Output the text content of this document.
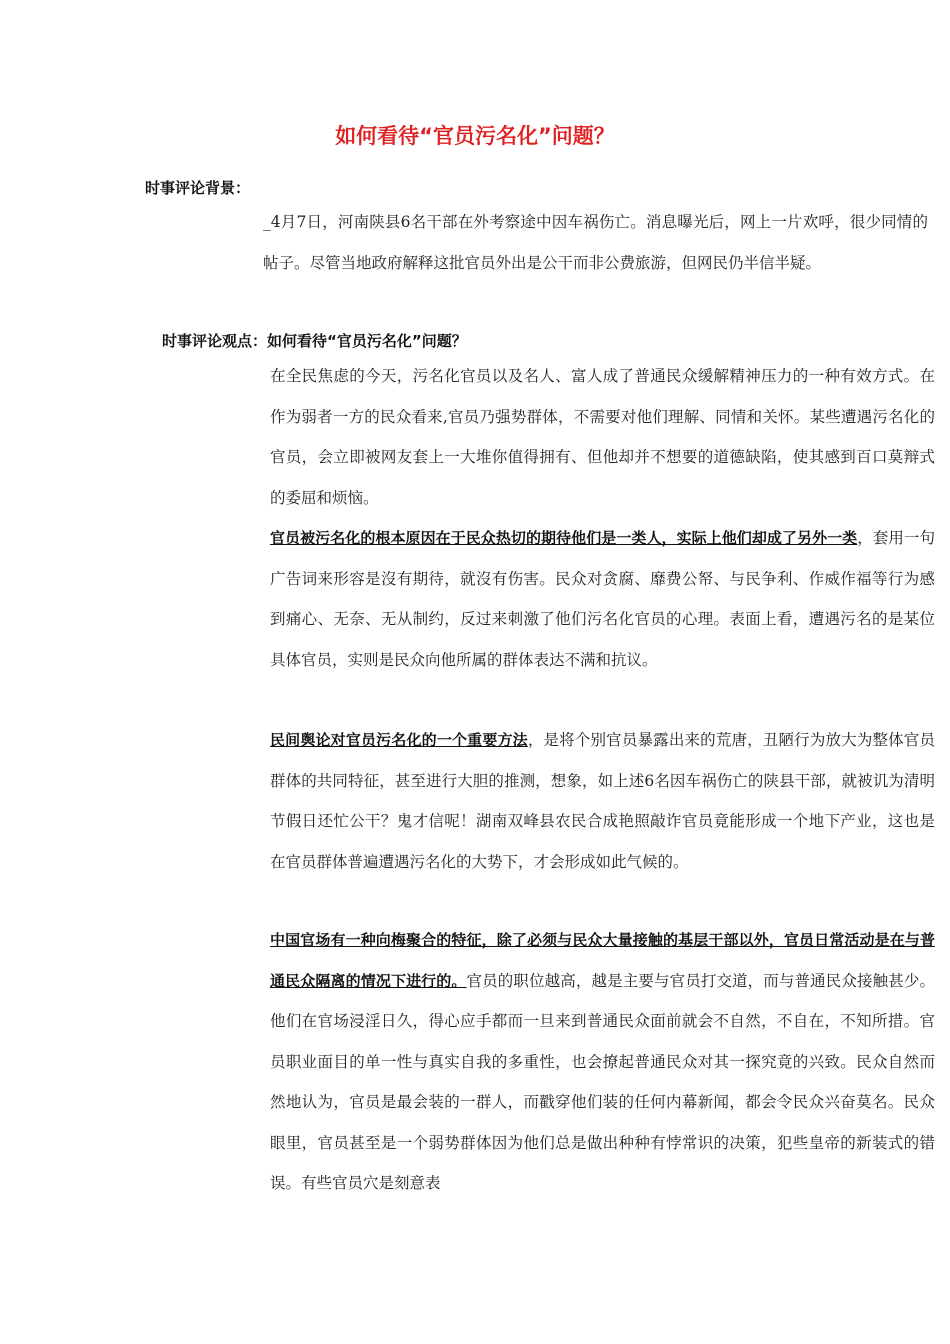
如何看待“官员污名化”问题？
时事评论背景：

_4月7日，河南陕县6名干部在外考察途中因车祸伤亡。消息曝光后，网上一片欢呼，很少同情的帖子。尽管当地政府解释这批官员外出是公干而非公费旅游，但网民仍半信半疑。

时事评论观点：如何看待“官员污名化”问题？

在全民焦虑的今天，污名化官员以及名人、富人成了普通民众缓解精神压力的一种有效方式。在作为弱者一方的民众看来,官员乃强势群体，不需要对他们理解、同情和关怀。某些遭遇污名化的官员，会立即被网友套上一大堆你值得拥有、但他却并不想要的道德缺陷，使其感到百口莫辩式的委屈和烦恼。

官员被污名化的根本原因在于民众热切的期待他们是一类人，实际上他们却成了另外一类，套用一句广告词来形容是沒有期待，就沒有伤害。民众对贪腐、靡费公帑、与民争利、作威作福等行为感到痛心、无奈、无从制约，反过来刺激了他们污名化官员的心理。表面上看，遭遇污名的是某位具体官员，实则是民众向他所属的群体表达不满和抗议。

民间舆论对官员污名化的一个重要方法，是将个别官员暴露出来的荒唐，丑陋行为放大为整体官员群体的共同特征，甚至进行大胆的推测，想象，如上述6名因车祸伤亡的陕县干部，就被讥为清明节假日还忙公干？鬼才信呢！湖南双峰县农民合成艳照敲诈官员竟能形成一个地下产业，这也是在官员群体普遍遭遇污名化的大势下，才会形成如此气候的。

中国官场有一种向梅聚合的特征，除了必须与民众大量接触的基层干部以外，官员日常活动是在与普通民众隔离的情况下进行的。官员的职位越高，越是主要与官员打交道，而与普通民众接触甚少。他们在官场浸淫日久，得心应手都而一旦来到普通民众面前就会不自然，不自在，不知所措。官员职业面目的单一性与真实自我的多重性，也会撩起普通民众对其一探究竟的兴致。民众自然而然地认为，官员是最会装的一群人，而戳穿他们装的任何内幕新闻，都会令民众兴奋莫名。民众眼里，官员甚至是一个弱势群体因为他们总是做出种种有悖常识的决策，犯些皇帝的新装式的错误。有些官员穴是刻意表
